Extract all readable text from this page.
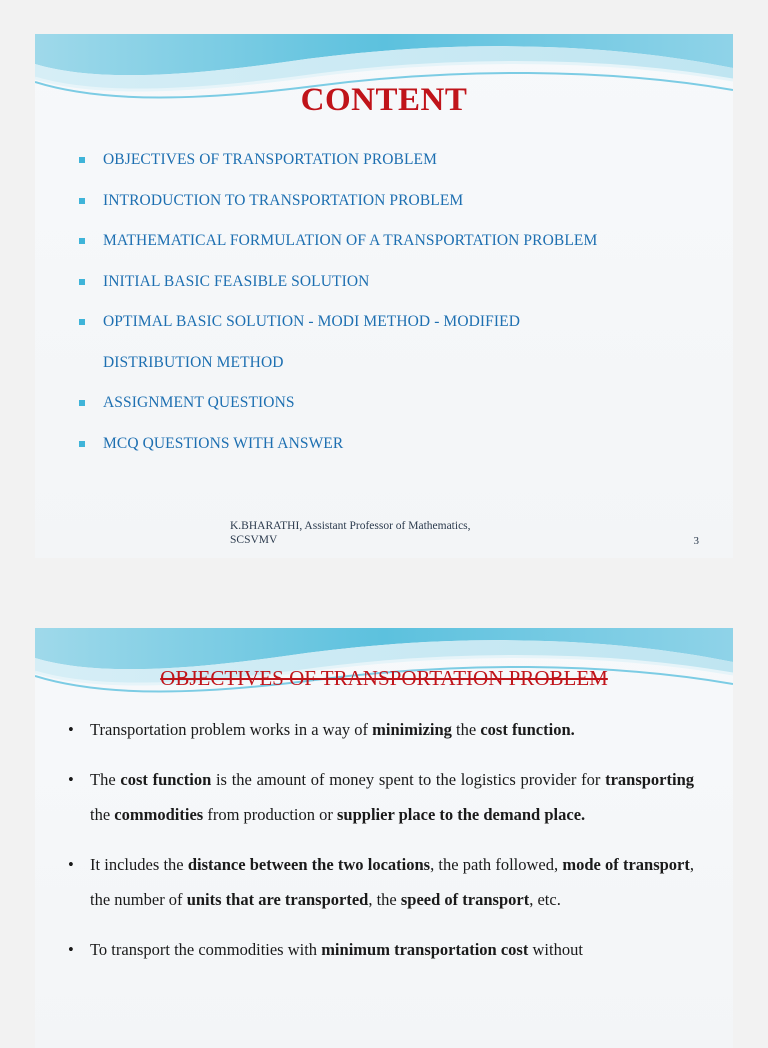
CONTENT
OBJECTIVES OF TRANSPORTATION PROBLEM
INTRODUCTION TO TRANSPORTATION PROBLEM
MATHEMATICAL FORMULATION OF A TRANSPORTATION PROBLEM
INITIAL BASIC FEASIBLE SOLUTION
OPTIMAL BASIC SOLUTION - MODI METHOD - MODIFIED
DISTRIBUTION METHOD
ASSIGNMENT QUESTIONS
MCQ QUESTIONS WITH ANSWER
K.BHARATHI, Assistant Professor of Mathematics,
SCSVMV	3
OBJECTIVES OF TRANSPORTATION PROBLEM
• Transportation problem works in a way of minimizing the cost function.
• The cost function is the amount of money spent to the logistics provider for transporting the commodities from production or supplier place to the demand place.
• It includes the distance between the two locations, the path followed, mode of transport, the number of units that are transported, the speed of transport, etc.
• To transport the commodities with minimum transportation cost without
